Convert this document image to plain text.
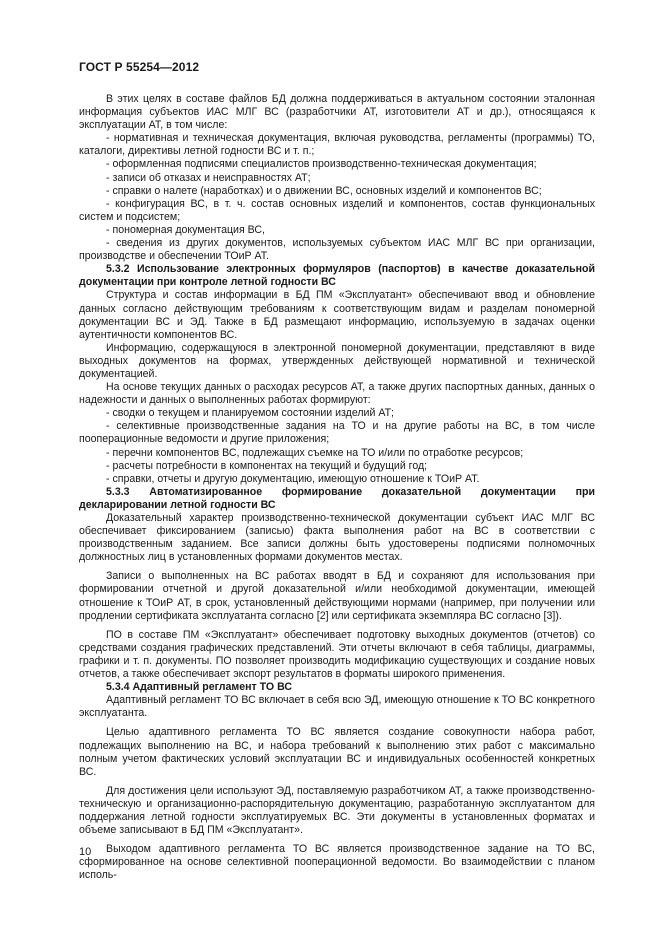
ГОСТ Р 55254—2012

В этих целях в составе файлов БД должна поддерживаться в актуальном состоянии эталонная информация субъектов ИАС МЛГ ВС (разработчики АТ, изготовители АТ и др.), относящаяся к эксплуатации АТ, в том числе:

- нормативная и техническая документация, включая руководства, регламенты (программы) ТО, каталоги, директивы летной годности ВС и т. п.;

- оформленная подписями специалистов производственно-техническая документация;

- записи об отказах и неисправностях АТ;

- справки о налете (наработках) и о движении ВС, основных изделий и компонентов ВС;

- конфигурация ВС, в т. ч. состав основных изделий и компонентов, состав функциональных систем и подсистем;

- пономерная документация ВС,

- сведения из других документов, используемых субъектом ИАС МЛГ ВС при организации, производстве и обеспечении ТОиР АТ.

5.3.2 Использование электронных формуляров (паспортов) в качестве доказательной документации при контроле летной годности ВС

Структура и состав информации в БД ПМ «Эксплуатант» обеспечивают ввод и обновление данных согласно действующим требованиям к соответствующим видам и разделам пономерной документации ВС и ЭД. Также в БД размещают информацию, используемую в задачах оценки аутентичности компонентов ВС.

Информацию, содержащуюся в электронной пономерной документации, представляют в виде выходных документов на формах, утвержденных действующей нормативной и технической документацией.

На основе текущих данных о расходах ресурсов АТ, а также других паспортных данных, данных о надежности и данных о выполненных работах формируют:

- сводки о текущем и планируемом состоянии изделий АТ;

- селективные производственные задания на ТО и на другие работы на ВС, в том числе пооперационные ведомости и другие приложения;

- перечни компонентов ВС, подлежащих съемке на ТО и/или по отработке ресурсов;

- расчеты потребности в компонентах на текущий и будущий год;

- справки, отчеты и другую документацию, имеющую отношение к ТОиР АТ.

5.3.3 Автоматизированное формирование доказательной документации при декларировании летной годности ВС

Доказательный характер производственно-технической документации субъект ИАС МЛГ ВС обеспечивает фиксированием (записью) факта выполнения работ на ВС в соответствии с производственным заданием. Все записи должны быть удостоверены подписями полномочных должностных лиц в установленных формами документов местах.

Записи о выполненных на ВС работах вводят в БД и сохраняют для использования при формировании отчетной и другой доказательной и/или необходимой документации, имеющей отношение к ТОиР АТ, в срок, установленный действующими нормами (например, при получении или продлении сертификата эксплуатанта согласно [2] или сертификата экземпляра ВС согласно [3]).

ПО в составе ПМ «Эксплуатант» обеспечивает подготовку выходных документов (отчетов) со средствами создания графических представлений. Эти отчеты включают в себя таблицы, диаграммы, графики и т. п. документы. ПО позволяет производить модификацию существующих и создание новых отчетов, а также обеспечивает экспорт результатов в форматы широкого применения.

5.3.4 Адаптивный регламент ТО ВС

Адаптивный регламент ТО ВС включает в себя всю ЭД, имеющую отношение к ТО ВС конкретного эксплуатанта.

Целью адаптивного регламента ТО ВС является создание совокупности набора работ, подлежащих выполнению на ВС, и набора требований к выполнению этих работ с максимально полным учетом фактических условий эксплуатации ВС и индивидуальных особенностей конкретных ВС.

Для достижения цели используют ЭД, поставляемую разработчиком АТ, а также производственно-техническую и организационно-распорядительную документацию, разработанную эксплуатантом для поддержания летной годности эксплуатируемых ВС. Эти документы в установленных форматах и объеме записывают в БД ПМ «Эксплуатант».

Выходом адаптивного регламента ТО ВС является производственное задание на ТО ВС, сформированное на основе селективной пооперационной ведомости. Во взаимодействии с планом исполь-

10
